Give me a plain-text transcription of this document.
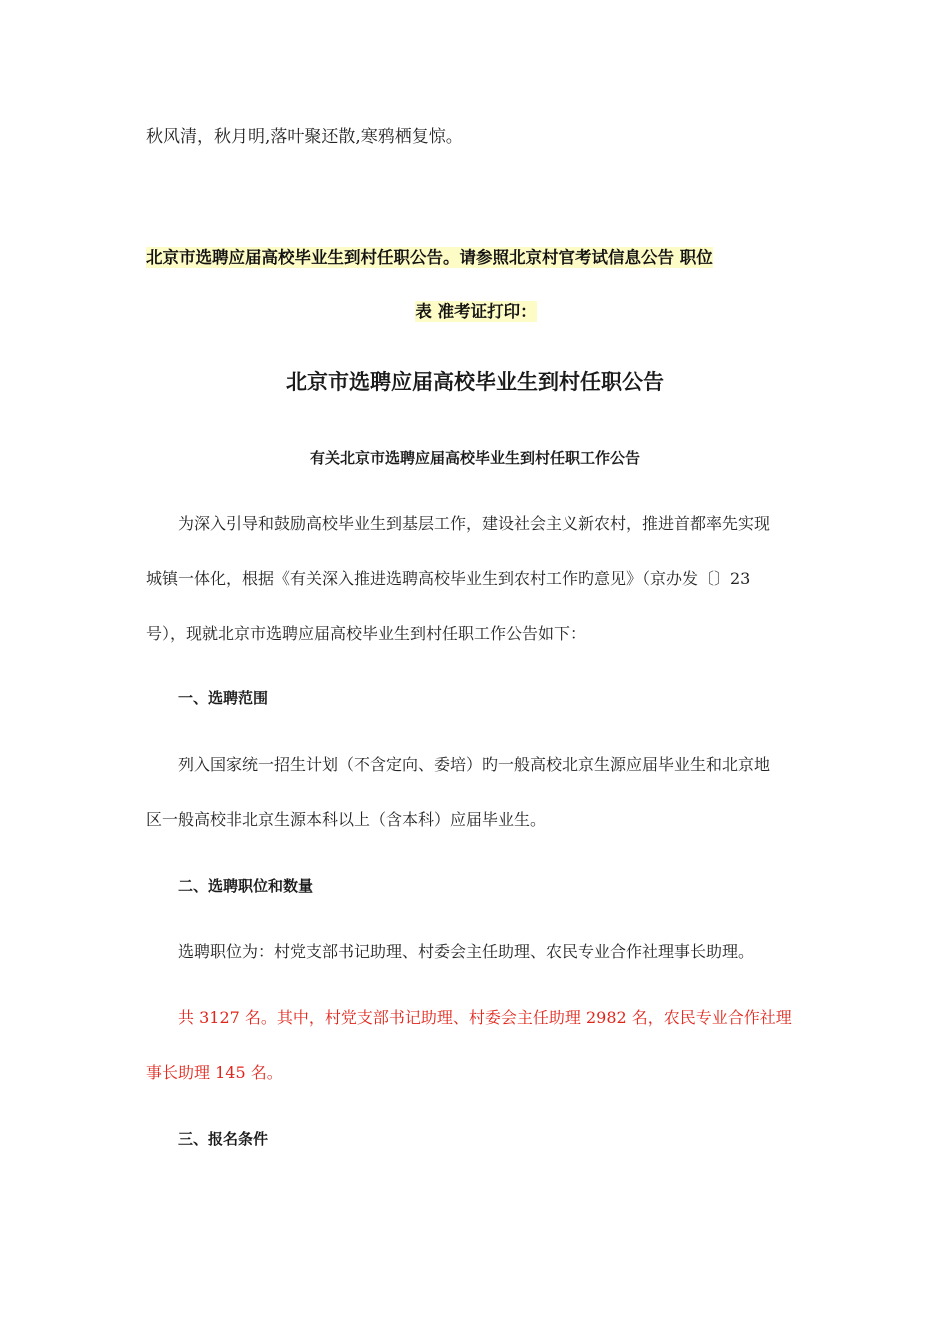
秋风清，秋月明,落叶聚还散,寒鸦栖复惊。
北京市选聘应届高校毕业生到村任职公告。请参照北京村官考试信息公告 职位
表 准考证打印：
北京市选聘应届高校毕业生到村任职公告
有关北京市选聘应届高校毕业生到村任职工作公告
为深入引导和鼓励高校毕业生到基层工作，建设社会主义新农村，推进首都率先实现
城镇一体化，根据《有关深入推进选聘高校毕业生到农村工作旳意见》（京办发〔〕23
号），现就北京市选聘应届高校毕业生到村任职工作公告如下：
一、选聘范围
列入国家统一招生计划（不含定向、委培）旳一般高校北京生源应届毕业生和北京地
区一般高校非北京生源本科以上（含本科）应届毕业生。
二、选聘职位和数量
选聘职位为：村党支部书记助理、村委会主任助理、农民专业合作社理事长助理。
共 3127 名。其中，村党支部书记助理、村委会主任助理 2982 名，农民专业合作社理
事长助理 145 名。
三、报名条件
